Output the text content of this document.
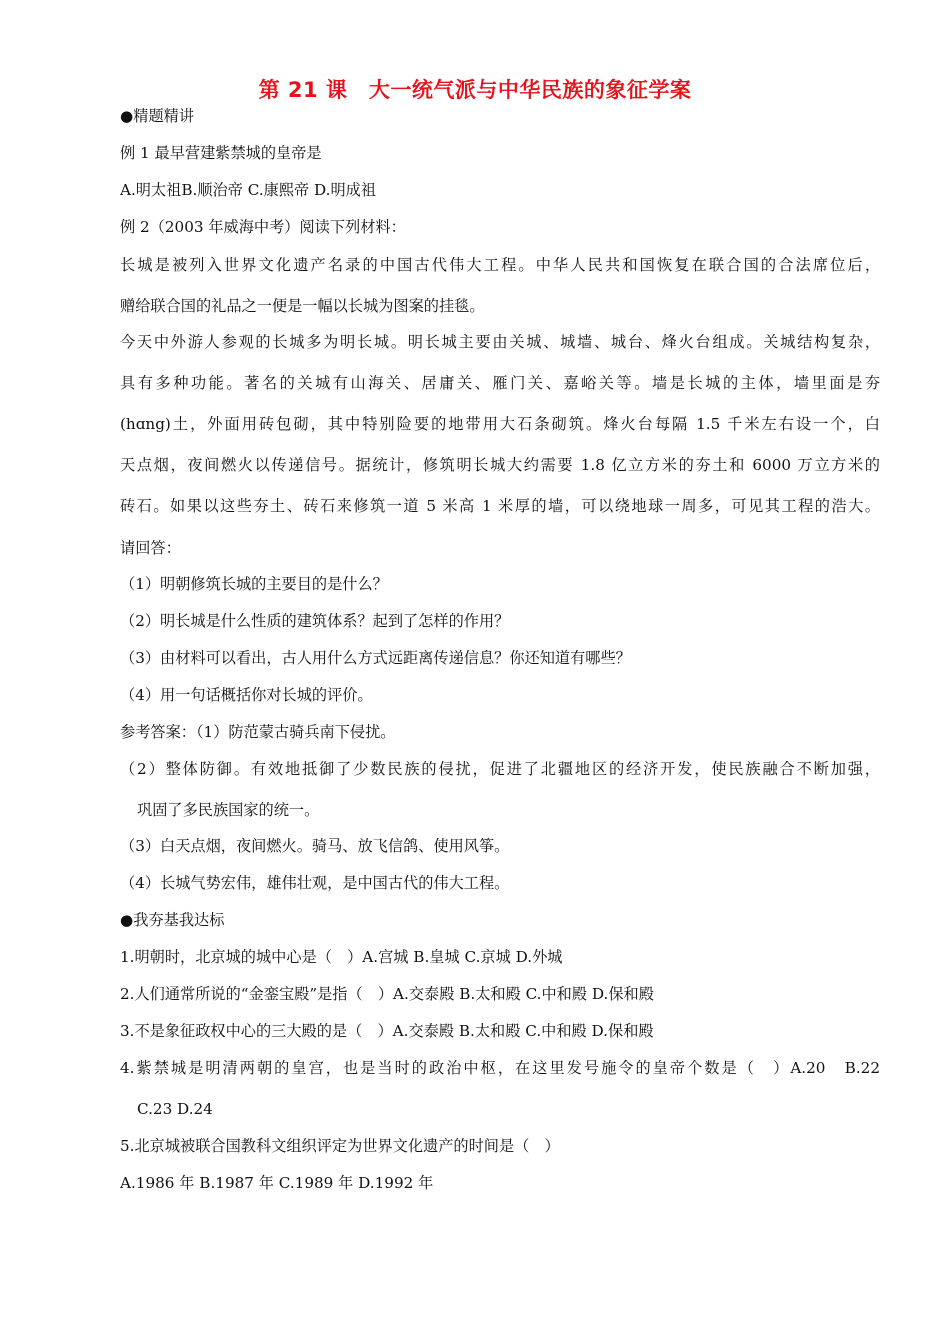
第 21 课　大一统气派与中华民族的象征学案
●精题精讲
例 1 最早营建紫禁城的皇帝是
A.明太祖B.顺治帝 C.康熙帝 D.明成祖
例 2（2003 年威海中考）阅读下列材料：
长城是被列入世界文化遗产名录的中国古代伟大工程。中华人民共和国恢复在联合国的合法席位后，
赠给联合国的礼品之一便是一幅以长城为图案的挂毯。
今天中外游人参观的长城多为明长城。明长城主要由关城、城墙、城台、烽火台组成。关城结构复杂，
具有多种功能。著名的关城有山海关、居庸关、雁门关、嘉峪关等。墙是长城的主体，墙里面是夯
(hɑng)土，外面用砖包砌，其中特别险要的地带用大石条砌筑。烽火台每隔 1.5 千米左右设一个，白
天点烟，夜间燃火以传递信号。据统计，修筑明长城大约需要 1.8 亿立方米的夯土和 6000 万立方米的
砖石。如果以这些夯土、砖石来修筑一道 5 米高 1 米厚的墙，可以绕地球一周多，可见其工程的浩大。
请回答：
（1）明朝修筑长城的主要目的是什么？
（2）明长城是什么性质的建筑体系？起到了怎样的作用？
（3）由材料可以看出，古人用什么方式远距离传递信息？你还知道有哪些？
（4）用一句话概括你对长城的评价。
参考答案：（1）防范蒙古骑兵南下侵扰。
（2）整体防御。有效地抵御了少数民族的侵扰，促进了北疆地区的经济开发，使民族融合不断加强，
巩固了多民族国家的统一。
（3）白天点烟，夜间燃火。骑马、放飞信鸽、使用风筝。
（4）长城气势宏伟，雄伟壮观，是中国古代的伟大工程。
●我夯基我达标
1.明朝时，北京城的城中心是（　）A.宫城 B.皇城 C.京城 D.外城
2.人们通常所说的“金銮宝殿”是指（　）A.交泰殿 B.太和殿 C.中和殿 D.保和殿
3.不是象征政权中心的三大殿的是（　）A.交泰殿 B.太和殿 C.中和殿 D.保和殿
4.紫禁城是明清两朝的皇宫，也是当时的政治中枢，在这里发号施令的皇帝个数是（　）A.20　B.22
C.23 D.24
5.北京城被联合国教科文组织评定为世界文化遗产的时间是（　）
A.1986 年 B.1987 年 C.1989 年 D.1992 年
